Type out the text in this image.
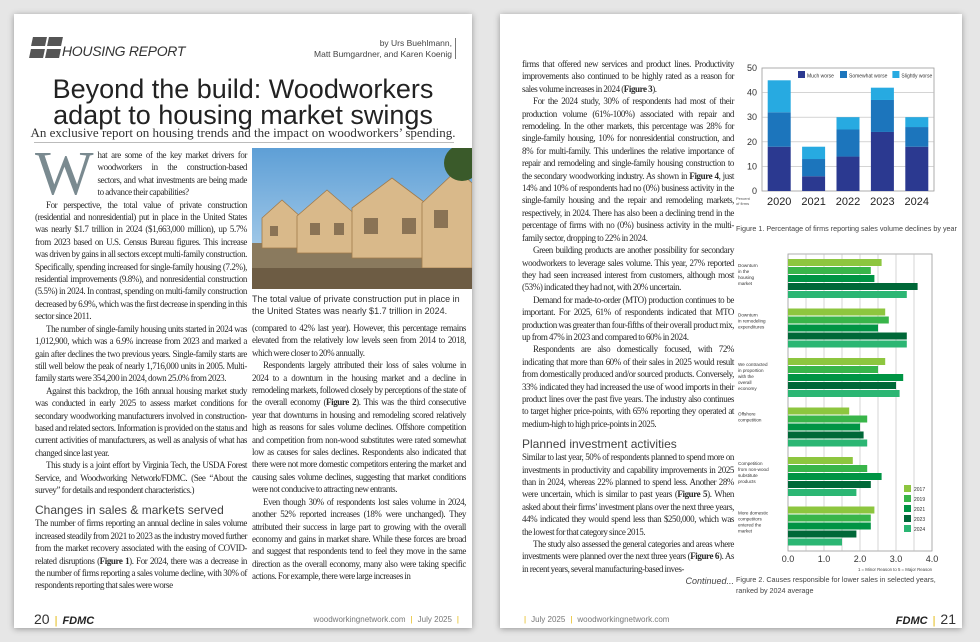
HOUSING REPORT	by Urs Buehlmann,
Matt Bumgardner, and Karen Koenig
Beyond the build: Woodworkers
adapt to housing market swings
An exclusive report on housing trends and the impact on woodworkers’ spending.

What are some of the key market drivers for woodworkers in the construction-based sectors, and what investments are being made to advance their capabilities?

For perspective, the total value of private construction (residential and nonresidential) put in place in the United States was nearly $1.7 trillion in 2024 ($1,663,000 million), up 5.7% from 2023 based on U.S. Census Bureau figures. This increase was driven by gains in all sectors except multi-family construction. Specifically, spending increased for single-family housing (7.2%), residential improvements (9.8%), and nonresidential construction (5.5%) in 2024. In contrast, spending on multi-family construction decreased by 6.9%, which was the first decrease in spending in this sector since 2011.

The number of single-family housing units started in 2024 was 1,012,900, which was a 6.9% increase from 2023 and marked a gain after declines the two previous years. Single-family starts are still well below the peak of nearly 1,716,000 units in 2005. Multi-family starts were 354,200 in 2024, down 25.0% from 2023.

Against this backdrop, the 16th annual housing market study was conducted in early 2025 to assess market conditions for secondary woodworking manufacturers involved in construction-based and related sectors. Information is provided on the status and current activities of manufacturers, as well as analysis of what has changed since last year.

This study is a joint effort by Virginia Tech, the USDA Forest Service, and Woodworking Network/FDMC. (See “About the survey” for details and respondent characteristics.)

Changes in sales & markets served

The number of firms reporting an annual decline in sales volume increased steadily from 2021 to 2023 as the industry moved further from the market recovery associated with the easing of COVID-related disruptions (Figure 1). For 2024, there was a decrease in the number of firms reporting a sales volume decline, with 30% of respondents reporting that sales were worse

The total value of private construction put in place in the United States was nearly $1.7 trillion in 2024.

(compared to 42% last year). However, this percentage remains elevated from the relatively low levels seen from 2014 to 2018, which were closer to 20% annually.

Respondents largely attributed their loss of sales volume in 2024 to a downturn in the housing market and a decline in remodeling markets, followed closely by perceptions of the state of the overall economy (Figure 2). This was the third consecutive year that downturns in housing and remodeling scored relatively high as reasons for sales volume declines. Offshore competition and competition from non-wood substitutes were rated somewhat low as causes for sales declines. Respondents also indicated that there were not more domestic competitors entering the market and causing sales volume declines, suggesting that market conditions were not conducive to attracting new entrants.

Even though 30% of respondents lost sales volume in 2024, another 52% reported increases (18% were unchanged). They attributed their success in large part to growing with the overall economy and gains in market share. While these forces are broad and suggest that respondents tend to feel they move in the same direction as the overall economy, many also were taking specific actions. For example, there were large increases in

20 | FDMC	woodworkingnetwork.com | July 2025 |

firms that offered new services and product lines. Productivity improvements also continued to be highly rated as a reason for sales volume increases in 2024 (Figure 3).

For the 2024 study, 30% of respondents had most of their production volume (61%-100%) associated with repair and remodeling. In the other markets, this percentage was 28% for single-family housing, 10% for nonresidential construction, and 8% for multi-family. This underlines the relative importance of repair and remodeling and single-family housing construction to the secondary woodworking industry. As shown in Figure 4, just 14% and 10% of respondents had no (0%) business activity in the single-family housing and the repair and remodeling markets, respectively, in 2024. There has also been a declining trend in the percentage of firms with no (0%) business activity in the multi-family sector, dropping to 22% in 2024.

Green building products are another possibility for secondary woodworkers to leverage sales volume. This year, 27% reported they had seen increased interest from customers, although most (53%) indicated they had not, with 20% uncertain.

Demand for made-to-order (MTO) production continues to be important. For 2025, 61% of respondents indicated that MTO production was greater than four-fifths of their overall product mix, up from 47% in 2023 and compared to 60% in 2024.

Respondents are also domestically focused, with 72% indicating that more than 60% of their sales in 2025 would result from domestically produced and/or sourced products. Conversely, 33% indicated they had increased the use of wood imports in their product lines over the past five years. The industry also continues to target higher price-points, with 65% reporting they operated at medium-high to high price-points in 2025.

Planned investment activities

Similar to last year, 50% of respondents planned to spend more on investments in productivity and capability improvements in 2025 than in 2024, whereas 22% planned to spend less. Another 28% were uncertain, which is similar to past years (Figure 5). When asked about their firms’ investment plans over the next three years, 44% indicated they would spend less than $250,000, which was the lowest for that category since 2015.

The study also assessed the general categories and areas where investments were planned over the next three years (Figure 6). As in recent years, several manufacturing-based inves-

Continued...

| July 2025 | woodworkingnetwork.com	FDMC | 21
0
10
20
30
40
50
Percent of firms 2020 2021 2022 2023 2024
Much worse	Somewhat worse	Slightly worse
Figure 1. Percentage of firms reporting sales volume declines by year
0.0	1.0	2.0	3.0	4.0
1 = Minor Reason to 5 = Major Reason
Downturn in the housing market
Downturn in remodeling expenditures
We contracted in proportion with the overall economy
Offshore competition
Competition from non-wood substitute products
More domestic competitors entered the market
2017
2019
2021
2023
2024
Figure 2. Causes responsible for lower sales in selected years, ranked by 2024 average
